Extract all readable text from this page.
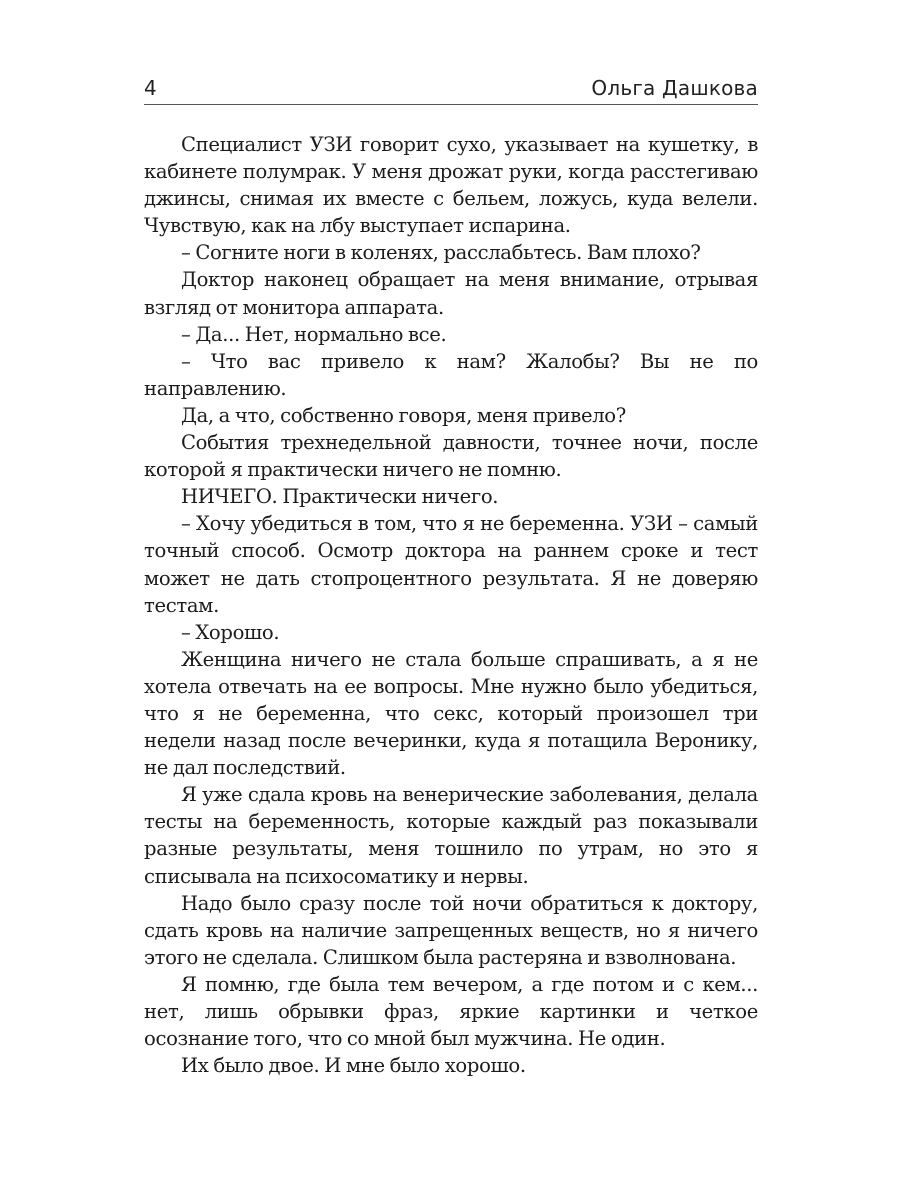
4	Ольга Дашкова

Специалист УЗИ говорит сухо, указывает на кушетку, в кабинете полумрак. У меня дрожат руки, когда расстегиваю джинсы, снимая их вместе с бельем, ложусь, куда велели. Чувствую, как на лбу выступает испарина.

– Согните ноги в коленях, расслабьтесь. Вам плохо?

Доктор наконец обращает на меня внимание, отрывая взгляд от монитора аппарата.

– Да... Нет, нормально все.

– Что вас привело к нам? Жалобы? Вы не по направлению.

Да, а что, собственно говоря, меня привело?

События трехнедельной давности, точнее ночи, после которой я практически ничего не помню.

НИЧЕГО. Практически ничего.

– Хочу убедиться в том, что я не беременна. УЗИ – самый точный способ. Осмотр доктора на раннем сроке и тест может не дать стопроцентного результата. Я не доверяю тестам.

– Хорошо.

Женщина ничего не стала больше спрашивать, а я не хотела отвечать на ее вопросы. Мне нужно было убедиться, что я не беременна, что секс, который произошел три недели назад после вечеринки, куда я потащила Веронику, не дал последствий.

Я уже сдала кровь на венерические заболевания, делала тесты на беременность, которые каждый раз показывали разные результаты, меня тошнило по утрам, но это я списывала на психосоматику и нервы.

Надо было сразу после той ночи обратиться к доктору, сдать кровь на наличие запрещенных веществ, но я ничего этого не сделала. Слишком была растеряна и взволнована.

Я помню, где была тем вечером, а где потом и с кем... нет, лишь обрывки фраз, яркие картинки и четкое осознание того, что со мной был мужчина. Не один.

Их было двое. И мне было хорошо.
